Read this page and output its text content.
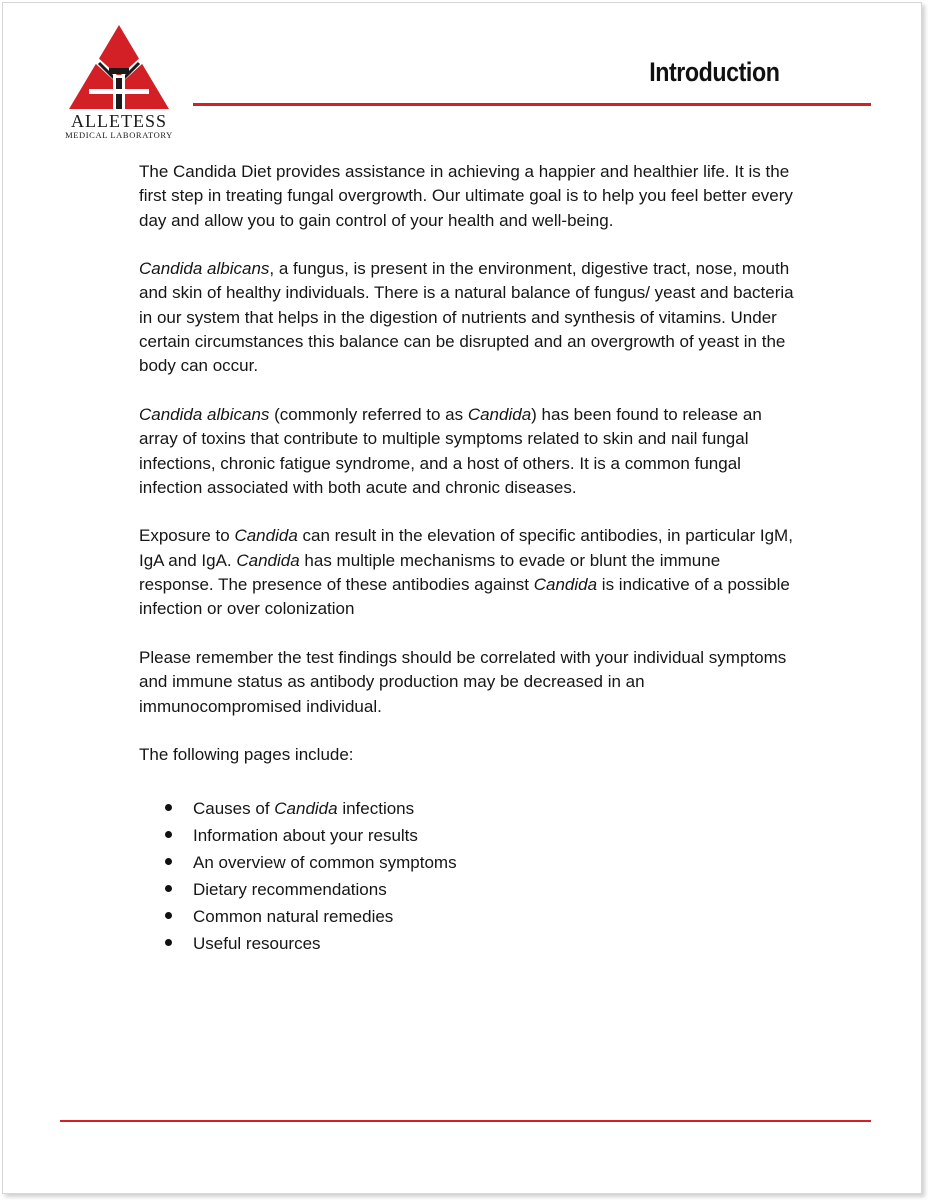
ALLETESS
MEDICAL LABORATORY
Introduction

The Candida Diet provides assistance in achieving a happier and healthier life. It is the first step in treating fungal overgrowth. Our ultimate goal is to help you feel better every day and allow you to gain control of your health and well-being.

Candida albicans, a fungus, is present in the environment, digestive tract, nose, mouth and skin of healthy individuals. There is a natural balance of fungus/ yeast and bacteria in our system that helps in the digestion of nutrients and synthesis of vitamins. Under certain circumstances this balance can be disrupted and an overgrowth of yeast in the body can occur.

Candida albicans (commonly referred to as Candida) has been found to release an array of toxins that contribute to multiple symptoms related to skin and nail fungal infections, chronic fatigue syndrome, and a host of others. It is a common fungal infection associated with both acute and chronic diseases.

Exposure to Candida can result in the elevation of specific antibodies, in particular IgM, IgA and IgA. Candida has multiple mechanisms to evade or blunt the immune response. The presence of these antibodies against Candida is indicative of a possible infection or over colonization

Please remember the test findings should be correlated with your individual symptoms and immune status as antibody production may be decreased in an immunocompromised individual.

The following pages include:

Causes of Candida infections
Information about your results
An overview of common symptoms
Dietary recommendations
Common natural remedies
Useful resources
